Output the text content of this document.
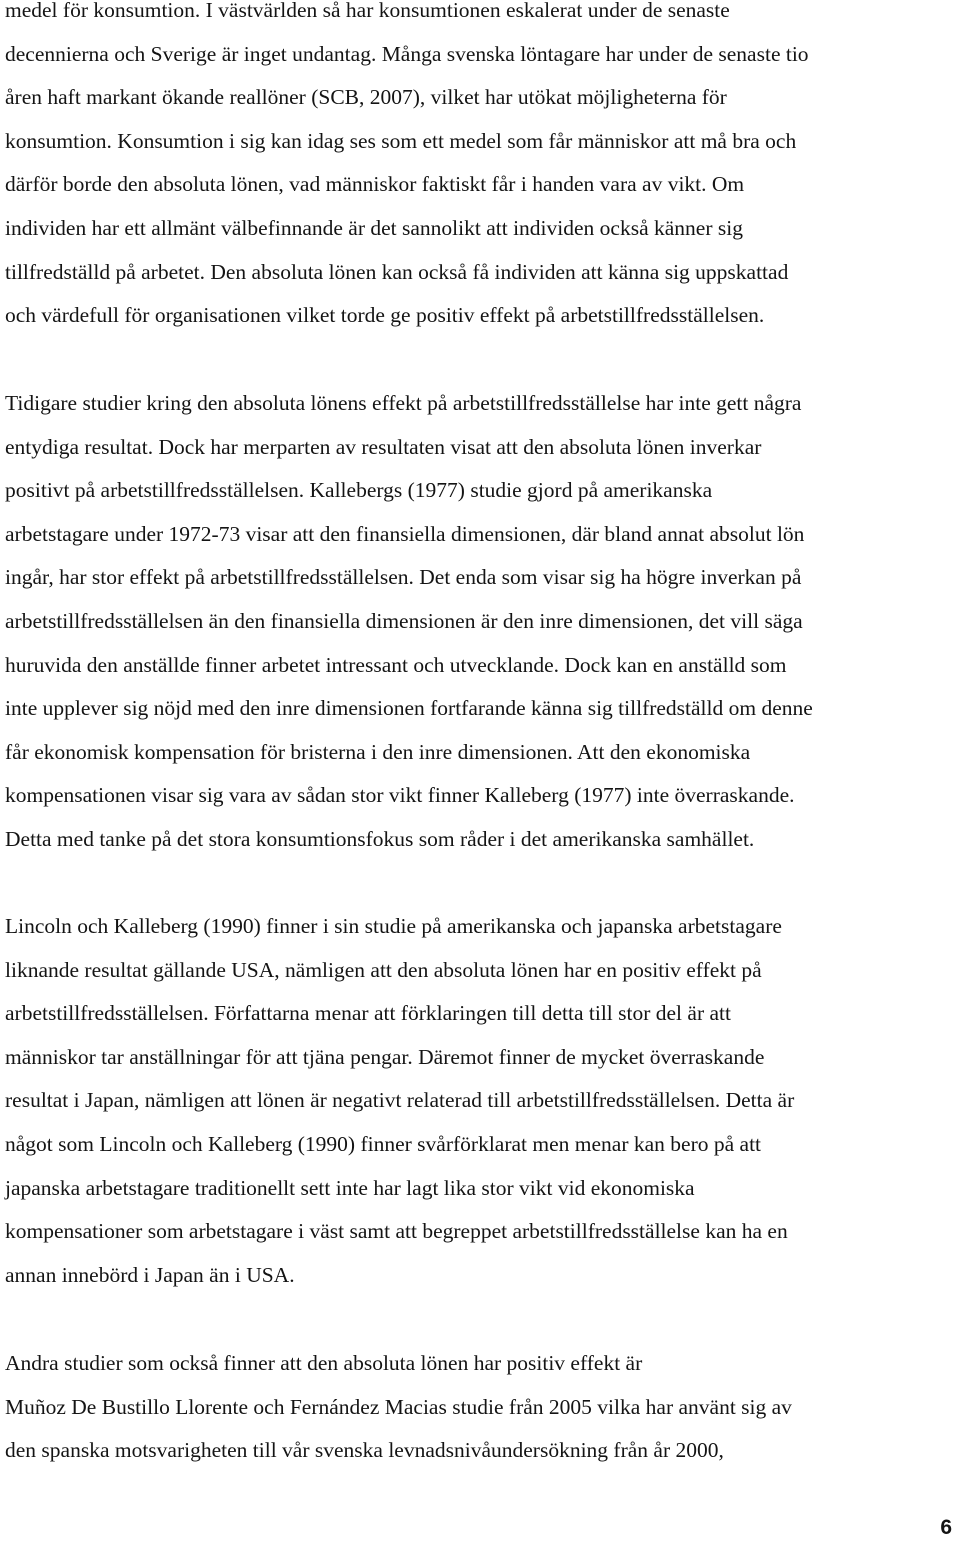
medel för konsumtion. I västvärlden så har konsumtionen eskalerat under de senaste
decennierna och Sverige är inget undantag. Många svenska löntagare har under de senaste tio
åren haft markant ökande reallöner (SCB, 2007), vilket har utökat möjligheterna för
konsumtion. Konsumtion i sig kan idag ses som ett medel som får människor att må bra och
därför borde den absoluta lönen, vad människor faktiskt får i handen vara av vikt. Om
individen har ett allmänt välbefinnande är det sannolikt att individen också känner sig
tillfredställd på arbetet. Den absoluta lönen kan också få individen att känna sig uppskattad
och värdefull för organisationen vilket torde ge positiv effekt på arbetstillfredsställelsen.
Tidigare studier kring den absoluta lönens effekt på arbetstillfredsställelse har inte gett några
entydiga resultat. Dock har merparten av resultaten visat att den absoluta lönen inverkar
positivt på arbetstillfredsställelsen. Kallebergs (1977) studie gjord på amerikanska
arbetstagare under 1972-73 visar att den finansiella dimensionen, där bland annat absolut lön
ingår, har stor effekt på arbetstillfredsställelsen. Det enda som visar sig ha högre inverkan på
arbetstillfredsställelsen än den finansiella dimensionen är den inre dimensionen, det vill säga
huruvida den anställde finner arbetet intressant och utvecklande. Dock kan en anställd som
inte upplever sig nöjd med den inre dimensionen fortfarande känna sig tillfredställd om denne
får ekonomisk kompensation för bristerna i den inre dimensionen. Att den ekonomiska
kompensationen visar sig vara av sådan stor vikt finner Kalleberg (1977) inte överraskande.
Detta med tanke på det stora konsumtionsfokus som råder i det amerikanska samhället.
Lincoln och Kalleberg (1990) finner i sin studie på amerikanska och japanska arbetstagare
liknande resultat gällande USA, nämligen att den absoluta lönen har en positiv effekt på
arbetstillfredsställelsen. Författarna menar att förklaringen till detta till stor del är att
människor tar anställningar för att tjäna pengar. Däremot finner de mycket överraskande
resultat i Japan, nämligen att lönen är negativt relaterad till arbetstillfredsställelsen. Detta är
något som Lincoln och Kalleberg (1990) finner svårförklarat men menar kan bero på att
japanska arbetstagare traditionellt sett inte har lagt lika stor vikt vid ekonomiska
kompensationer som arbetstagare i väst samt att begreppet arbetstillfredsställelse kan ha en
annan innebörd i Japan än i USA.
Andra studier som också finner att den absoluta lönen har positiv effekt är
Muñoz De Bustillo Llorente och Fernández Macias studie från 2005 vilka har använt sig av
den spanska motsvarigheten till vår svenska levnadsnivåundersökning från år 2000,
6
